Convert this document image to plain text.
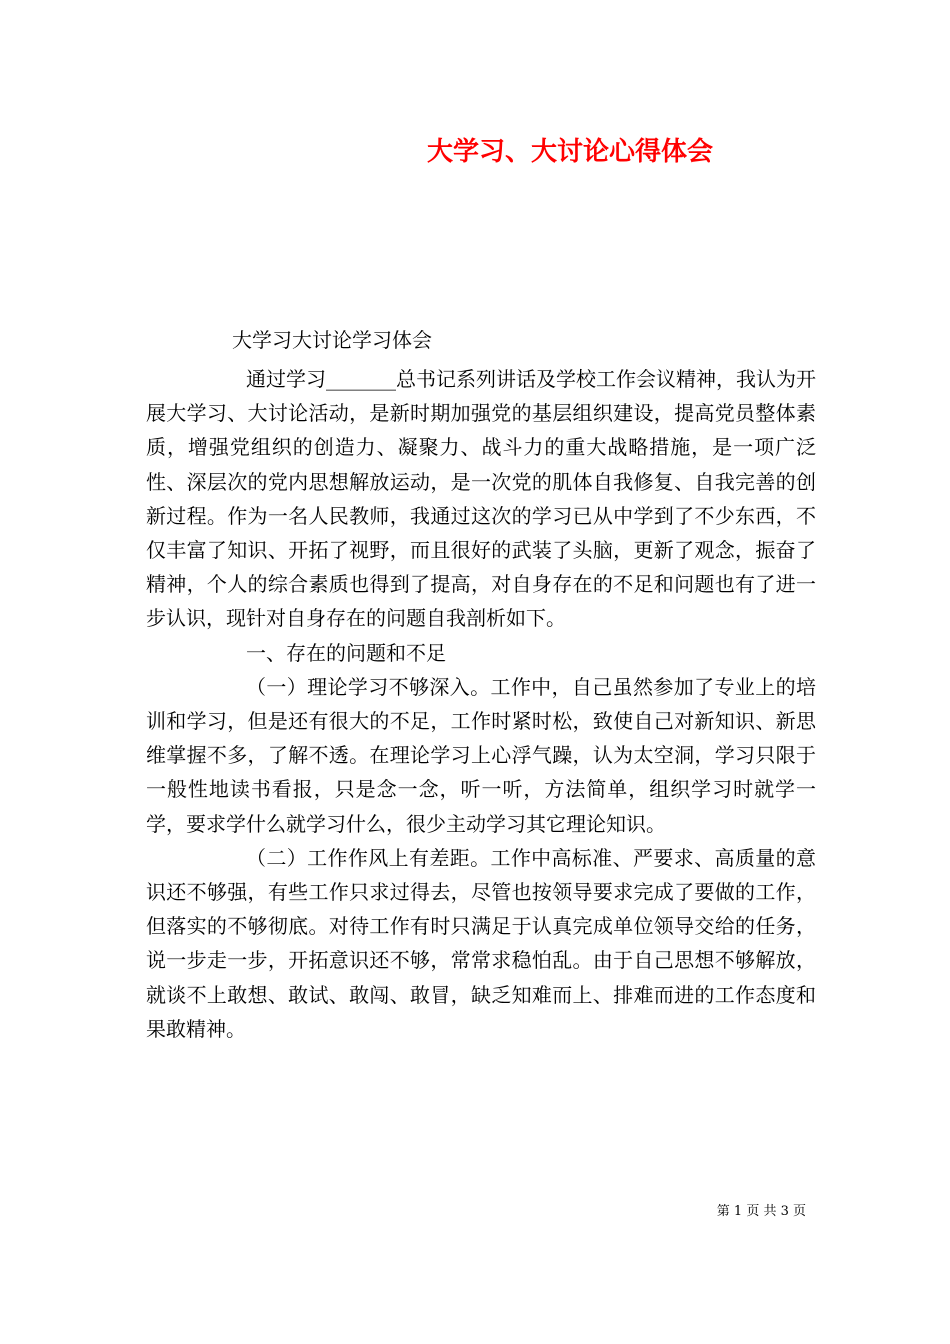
大学习、大讨论心得体会
大学习大讨论学习体会

通过学习_______总书记系列讲话及学校工作会议精神，我认为开展大学习、大讨论活动，是新时期加强党的基层组织建设，提高党员整体素质，增强党组织的创造力、凝聚力、战斗力的重大战略措施，是一项广泛性、深层次的党内思想解放运动，是一次党的肌体自我修复、自我完善的创新过程。作为一名人民教师，我通过这次的学习已从中学到了不少东西，不仅丰富了知识、开拓了视野，而且很好的武装了头脑，更新了观念，振奋了精神，个人的综合素质也得到了提高，对自身存在的不足和问题也有了进一步认识，现针对自身存在的问题自我剖析如下。

一、存在的问题和不足

（一）理论学习不够深入。工作中，自己虽然参加了专业上的培训和学习，但是还有很大的不足，工作时紧时松，致使自己对新知识、新思维掌握不多，了解不透。在理论学习上心浮气躁，认为太空洞，学习只限于一般性地读书看报，只是念一念，听一听，方法简单，组织学习时就学一学，要求学什么就学习什么，很少主动学习其它理论知识。

（二）工作作风上有差距。工作中高标准、严要求、高质量的意识还不够强，有些工作只求过得去，尽管也按领导要求完成了要做的工作，但落实的不够彻底。对待工作有时只满足于认真完成单位领导交给的任务，说一步走一步，开拓意识还不够，常常求稳怕乱。由于自己思想不够解放，就谈不上敢想、敢试、敢闯、敢冒，缺乏知难而上、排难而进的工作态度和果敢精神。

第 1 页 共 3 页
